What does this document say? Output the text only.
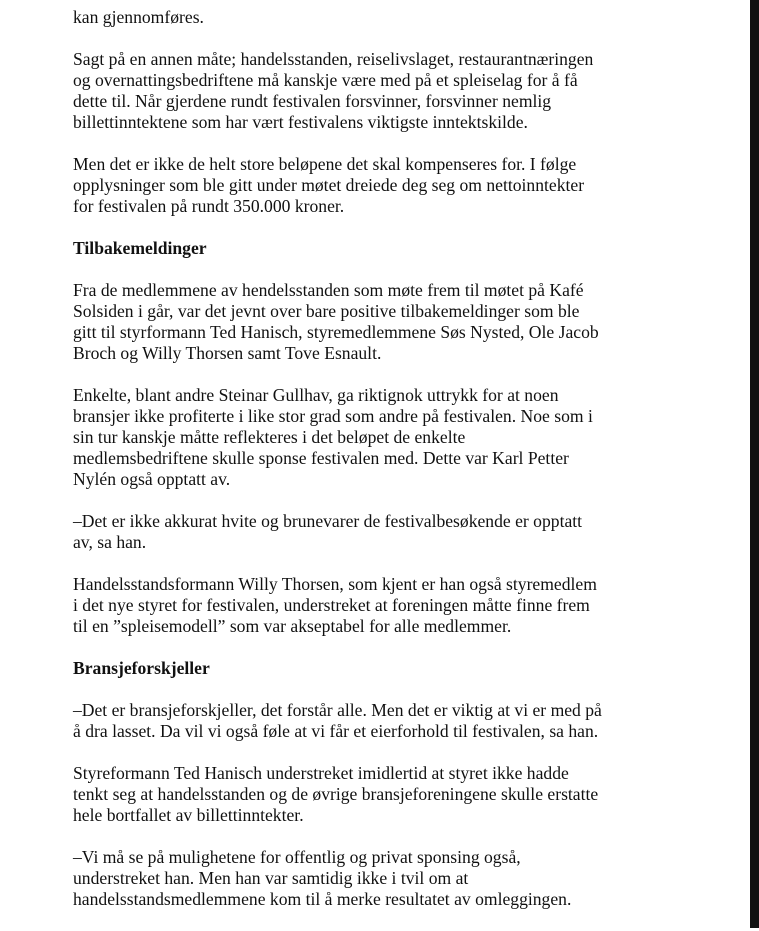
kan gjennomføres.

Sagt på en annen måte; handelsstanden, reiselivslaget, restaurantnæringen
og overnattingsbedriftene må kanskje være med på et spleiselag for å få
dette til. Når gjerdene rundt festivalen forsvinner, forsvinner nemlig
billettinntektene som har vært festivalens viktigste inntektskilde.

Men det er ikke de helt store beløpene det skal kompenseres for. I følge
opplysninger som ble gitt under møtet dreiede deg seg om nettoinntekter
for festivalen på rundt 350.000 kroner.

Tilbakemeldinger

Fra de medlemmene av hendelsstanden som møte frem til møtet på Kafé
Solsiden i går, var det jevnt over bare positive tilbakemeldinger som ble
gitt til styrformann Ted Hanisch, styremedlemmene Søs Nysted, Ole Jacob
Broch og Willy Thorsen samt Tove Esnault.

Enkelte, blant andre Steinar Gullhav, ga riktignok uttrykk for at noen
bransjer ikke profiterte i like stor grad som andre på festivalen. Noe som i
sin tur kanskje måtte reflekteres i det beløpet de enkelte
medlemsbedriftene skulle sponse festivalen med. Dette var Karl Petter
Nylén også opptatt av.

–Det er ikke akkurat hvite og brunevarer de festivalbesøkende er opptatt
av, sa han.

Handelsstandsformann Willy Thorsen, som kjent er han også styremedlem
i det nye styret for festivalen, understreket at foreningen måtte finne frem
til en ”spleisemodell” som var akseptabel for alle medlemmer.

Bransjeforskjeller

–Det er bransjeforskjeller, det forstår alle. Men det er viktig at vi er med på
å dra lasset. Da vil vi også føle at vi får et eierforhold til festivalen, sa han.

Styreformann Ted Hanisch understreket imidlertid at styret ikke hadde
tenkt seg at handelsstanden og de øvrige bransjeforeningene skulle erstatte
hele bortfallet av billettinntekter.

–Vi må se på mulighetene for offentlig og privat sponsing også,
understreket han. Men han var samtidig ikke i tvil om at
handelsstandsmedlemmene kom til å merke resultatet av omleggingen.
